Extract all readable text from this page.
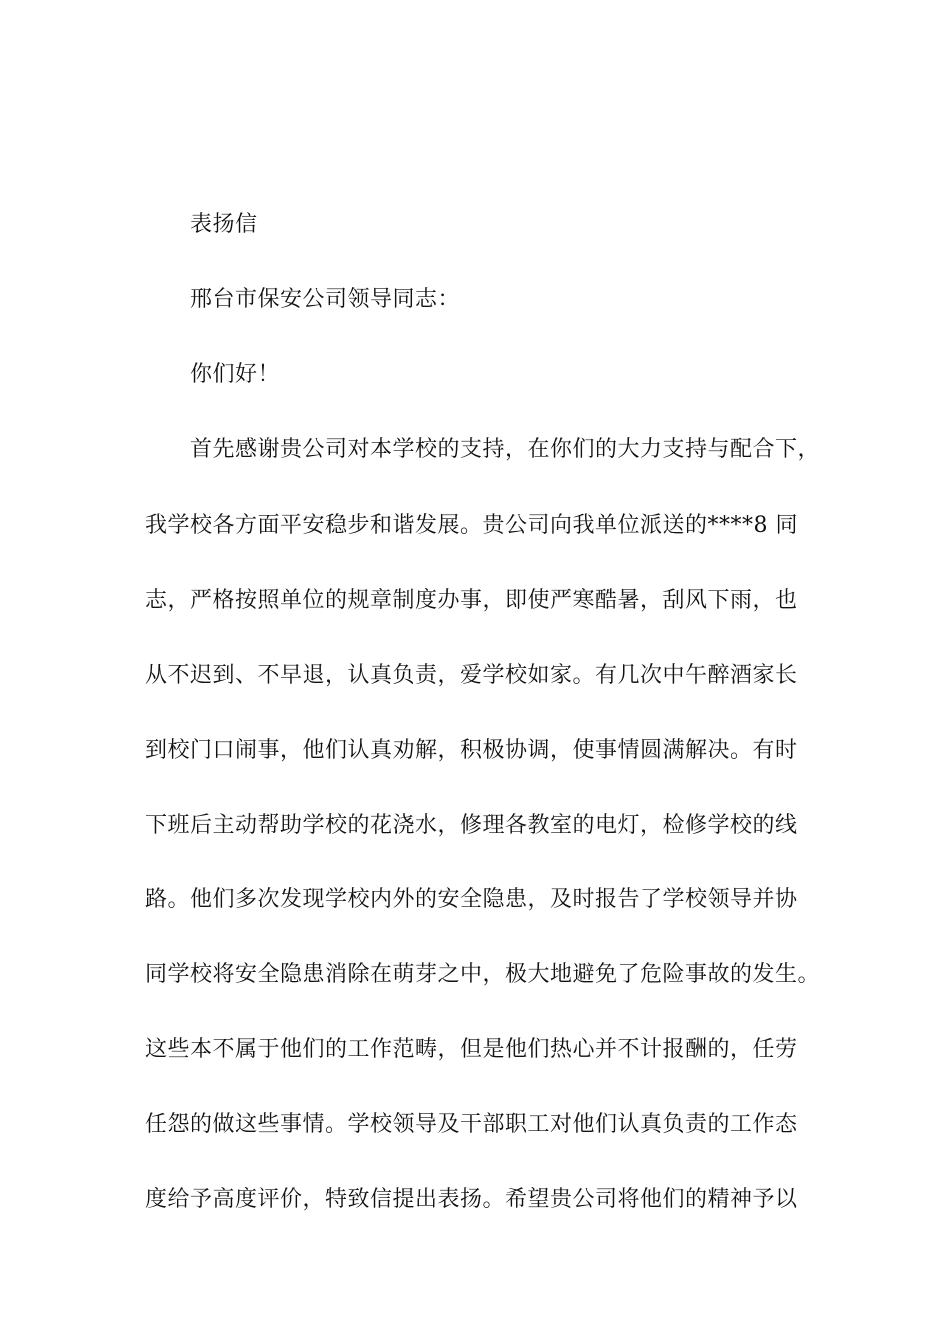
表扬信
邢台市保安公司领导同志：
你们好！
首先感谢贵公司对本学校的支持，在你们的大力支持与配合下，
我学校各方面平安稳步和谐发展。贵公司向我单位派送的****8 同
志，严格按照单位的规章制度办事，即使严寒酷暑，刮风下雨，也
从不迟到、不早退，认真负责，爱学校如家。有几次中午醉酒家长
到校门口闹事，他们认真劝解，积极协调，使事情圆满解决。有时
下班后主动帮助学校的花浇水，修理各教室的电灯，检修学校的线
路。他们多次发现学校内外的安全隐患，及时报告了学校领导并协
同学校将安全隐患消除在萌芽之中，极大地避免了危险事故的发生。
这些本不属于他们的工作范畴，但是他们热心并不计报酬的，任劳
任怨的做这些事情。学校领导及干部职工对他们认真负责的工作态
度给予高度评价，特致信提出表扬。希望贵公司将他们的精神予以
